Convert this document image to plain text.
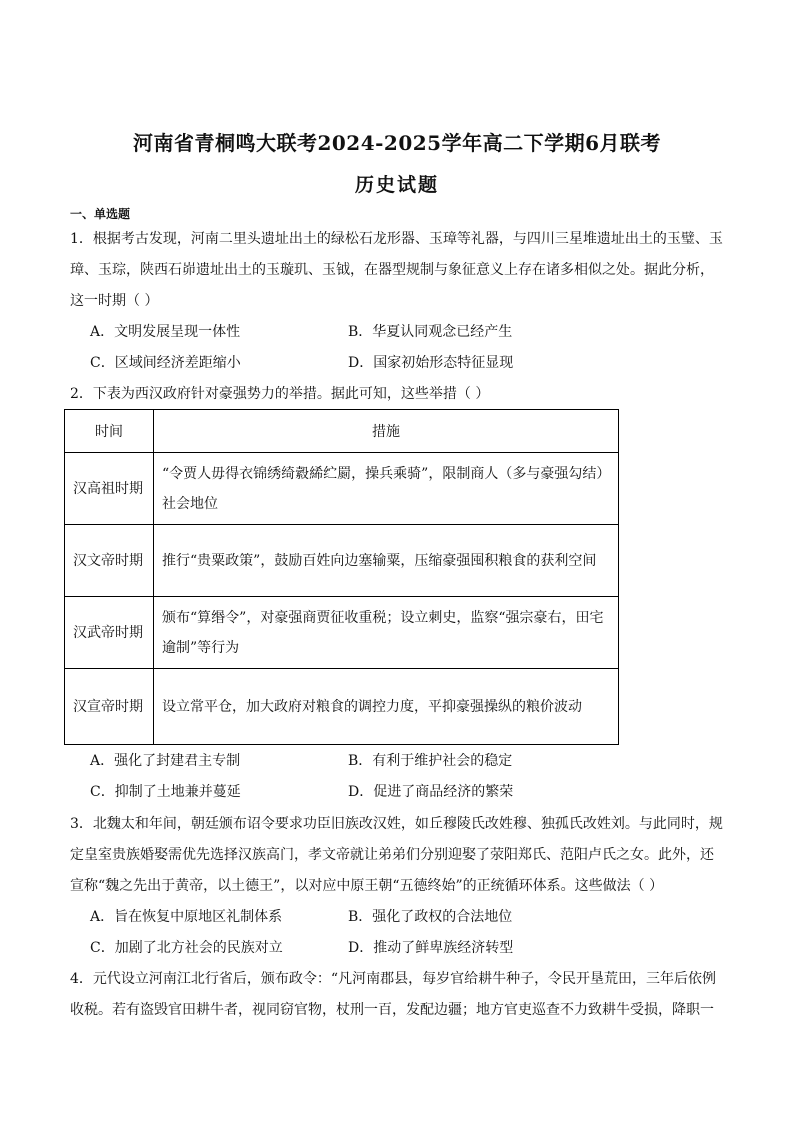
河南省青桐鸣大联考2024-2025学年高二下学期6月联考
历史试题
一、单选题
1．根据考古发现，河南二里头遗址出土的绿松石龙形器、玉璋等礼器，与四川三星堆遗址出土的玉璧、玉
璋、玉琮，陕西石峁遗址出土的玉璇玑、玉钺，在器型规制与象征意义上存在诸多相似之处。据此分析，
这一时期（ ）
A．文明发展呈现一体性	B．华夏认同观念已经产生
C．区域间经济差距缩小	D．国家初始形态特征显现
2．下表为西汉政府针对豪强势力的举措。据此可知，这些举措（ ）
时间	措施
汉高祖时期	“令贾人毋得衣锦绣绮縠絺纻罽，操兵乘骑”，限制商人（多与豪强勾结）社会地位
汉文帝时期	推行“贵粟政策”，鼓励百姓向边塞输粟，压缩豪强囤积粮食的获利空间
汉武帝时期	颁布“算缗令”，对豪强商贾征收重税；设立刺史，监察“强宗豪右，田宅逾制”等行为
汉宣帝时期	设立常平仓，加大政府对粮食的调控力度，平抑豪强操纵的粮价波动
A．强化了封建君主专制	B．有利于维护社会的稳定
C．抑制了土地兼并蔓延	D．促进了商品经济的繁荣
3．北魏太和年间，朝廷颁布诏令要求功臣旧族改汉姓，如丘穆陵氏改姓穆、独孤氏改姓刘。与此同时，规
定皇室贵族婚娶需优先选择汉族高门，孝文帝就让弟弟们分别迎娶了荥阳郑氏、范阳卢氏之女。此外，还
宣称“魏之先出于黄帝，以土德王”，以对应中原王朝“五德终始”的正统循环体系。这些做法（ ）
A．旨在恢复中原地区礼制体系	B．强化了政权的合法地位
C．加剧了北方社会的民族对立	D．推动了鲜卑族经济转型
4．元代设立河南江北行省后，颁布政令：“凡河南郡县，每岁官给耕牛种子，令民开垦荒田，三年后依例
收税。若有盗毁官田耕牛者，视同窃官物，杖刑一百，发配边疆；地方官吏巡查不力致耕牛受损，降职一
